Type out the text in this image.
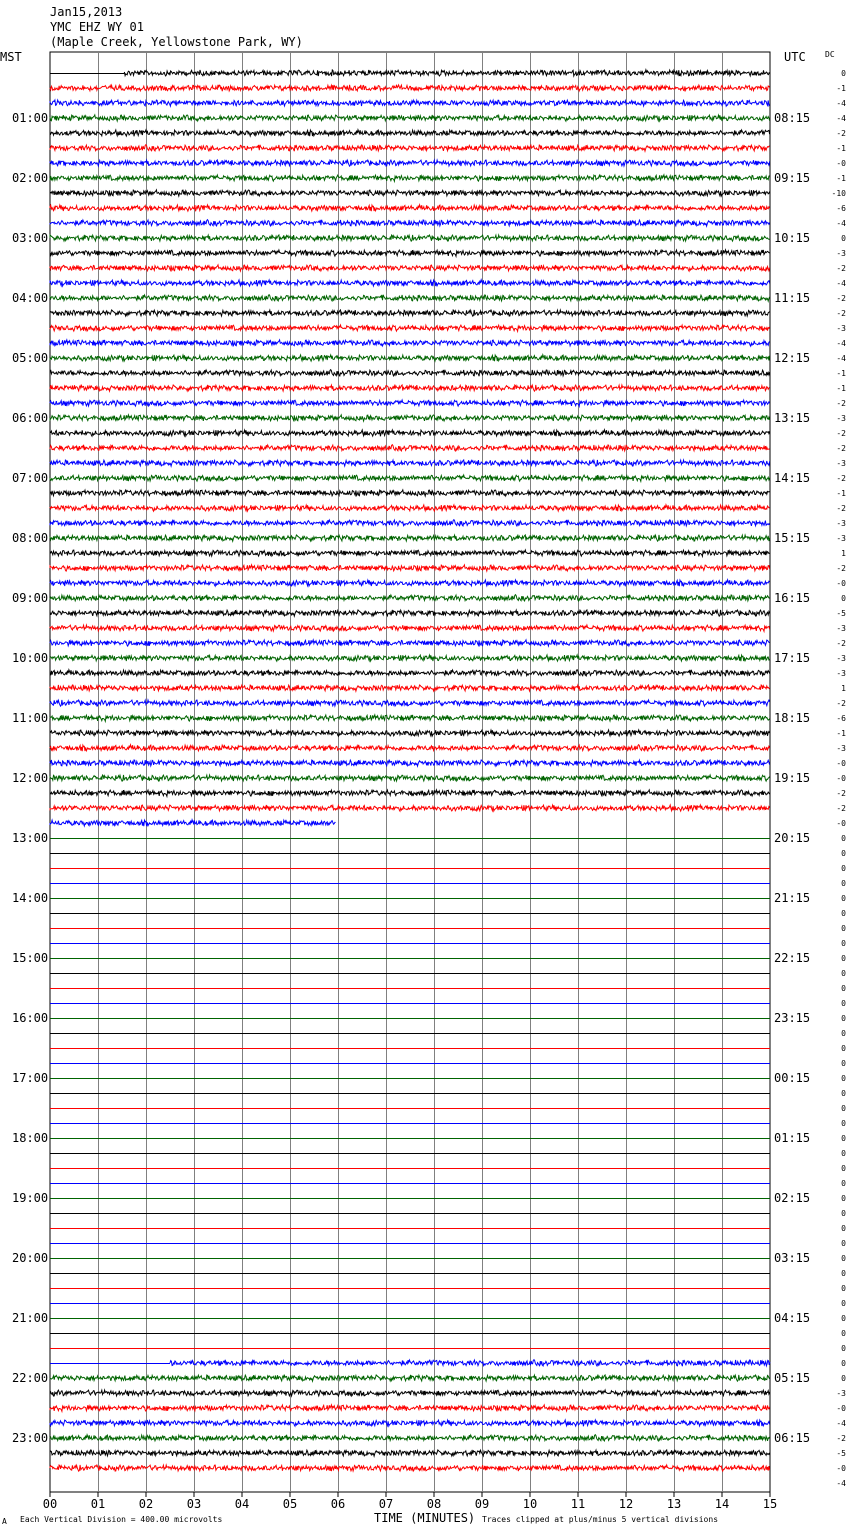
Jan15,2013
YMC EHZ WY 01
(Maple Creek, Yellowstone Park, WY)
MST	UTC DC
01:00
02:00
03:00
04:00
05:00
06:00
07:00
08:00
09:00
10:00
11:00
12:00
13:00
14:00
15:00
16:00
17:00
18:00
19:00
20:00
21:00
22:00
23:00
08:15
09:15
10:15
11:15
12:15
13:15
14:15
15:15
16:15
17:15
18:15
19:15
20:15
21:15
22:15
23:15
00:15
01:15
02:15
03:15
04:15
05:15
06:15
0
-1
-4
-4
-2
-1
-0
-1
-10
-6
-4
0
-3
-2
-4
-2
-2
-3
-4
-4
-1
-1
-2
-3
-2
-2
-3
-2
-1
-2
-3
-3
1
-2
-0
0
-5
-3
-2
-3
-3
1
-2
-6
-1
-3
-0
-0
-2
-2
-0
0
0
0
0
0
0
0
0
0
0
0
0
0
0
0
0
0
0
0
0
0
0
0
0
0
0
0
0
0
0
0
0
0
0
0
0
0
-3
-0
-4
-2
-5
-0
-4
00	01	02	03	04	05	06	07	08	09	10	11	12	13	14	15
A Each Vertical Division = 400.00 microvolts	TIME (MINUTES) Traces clipped at plus/minus 5 vertical divisions
